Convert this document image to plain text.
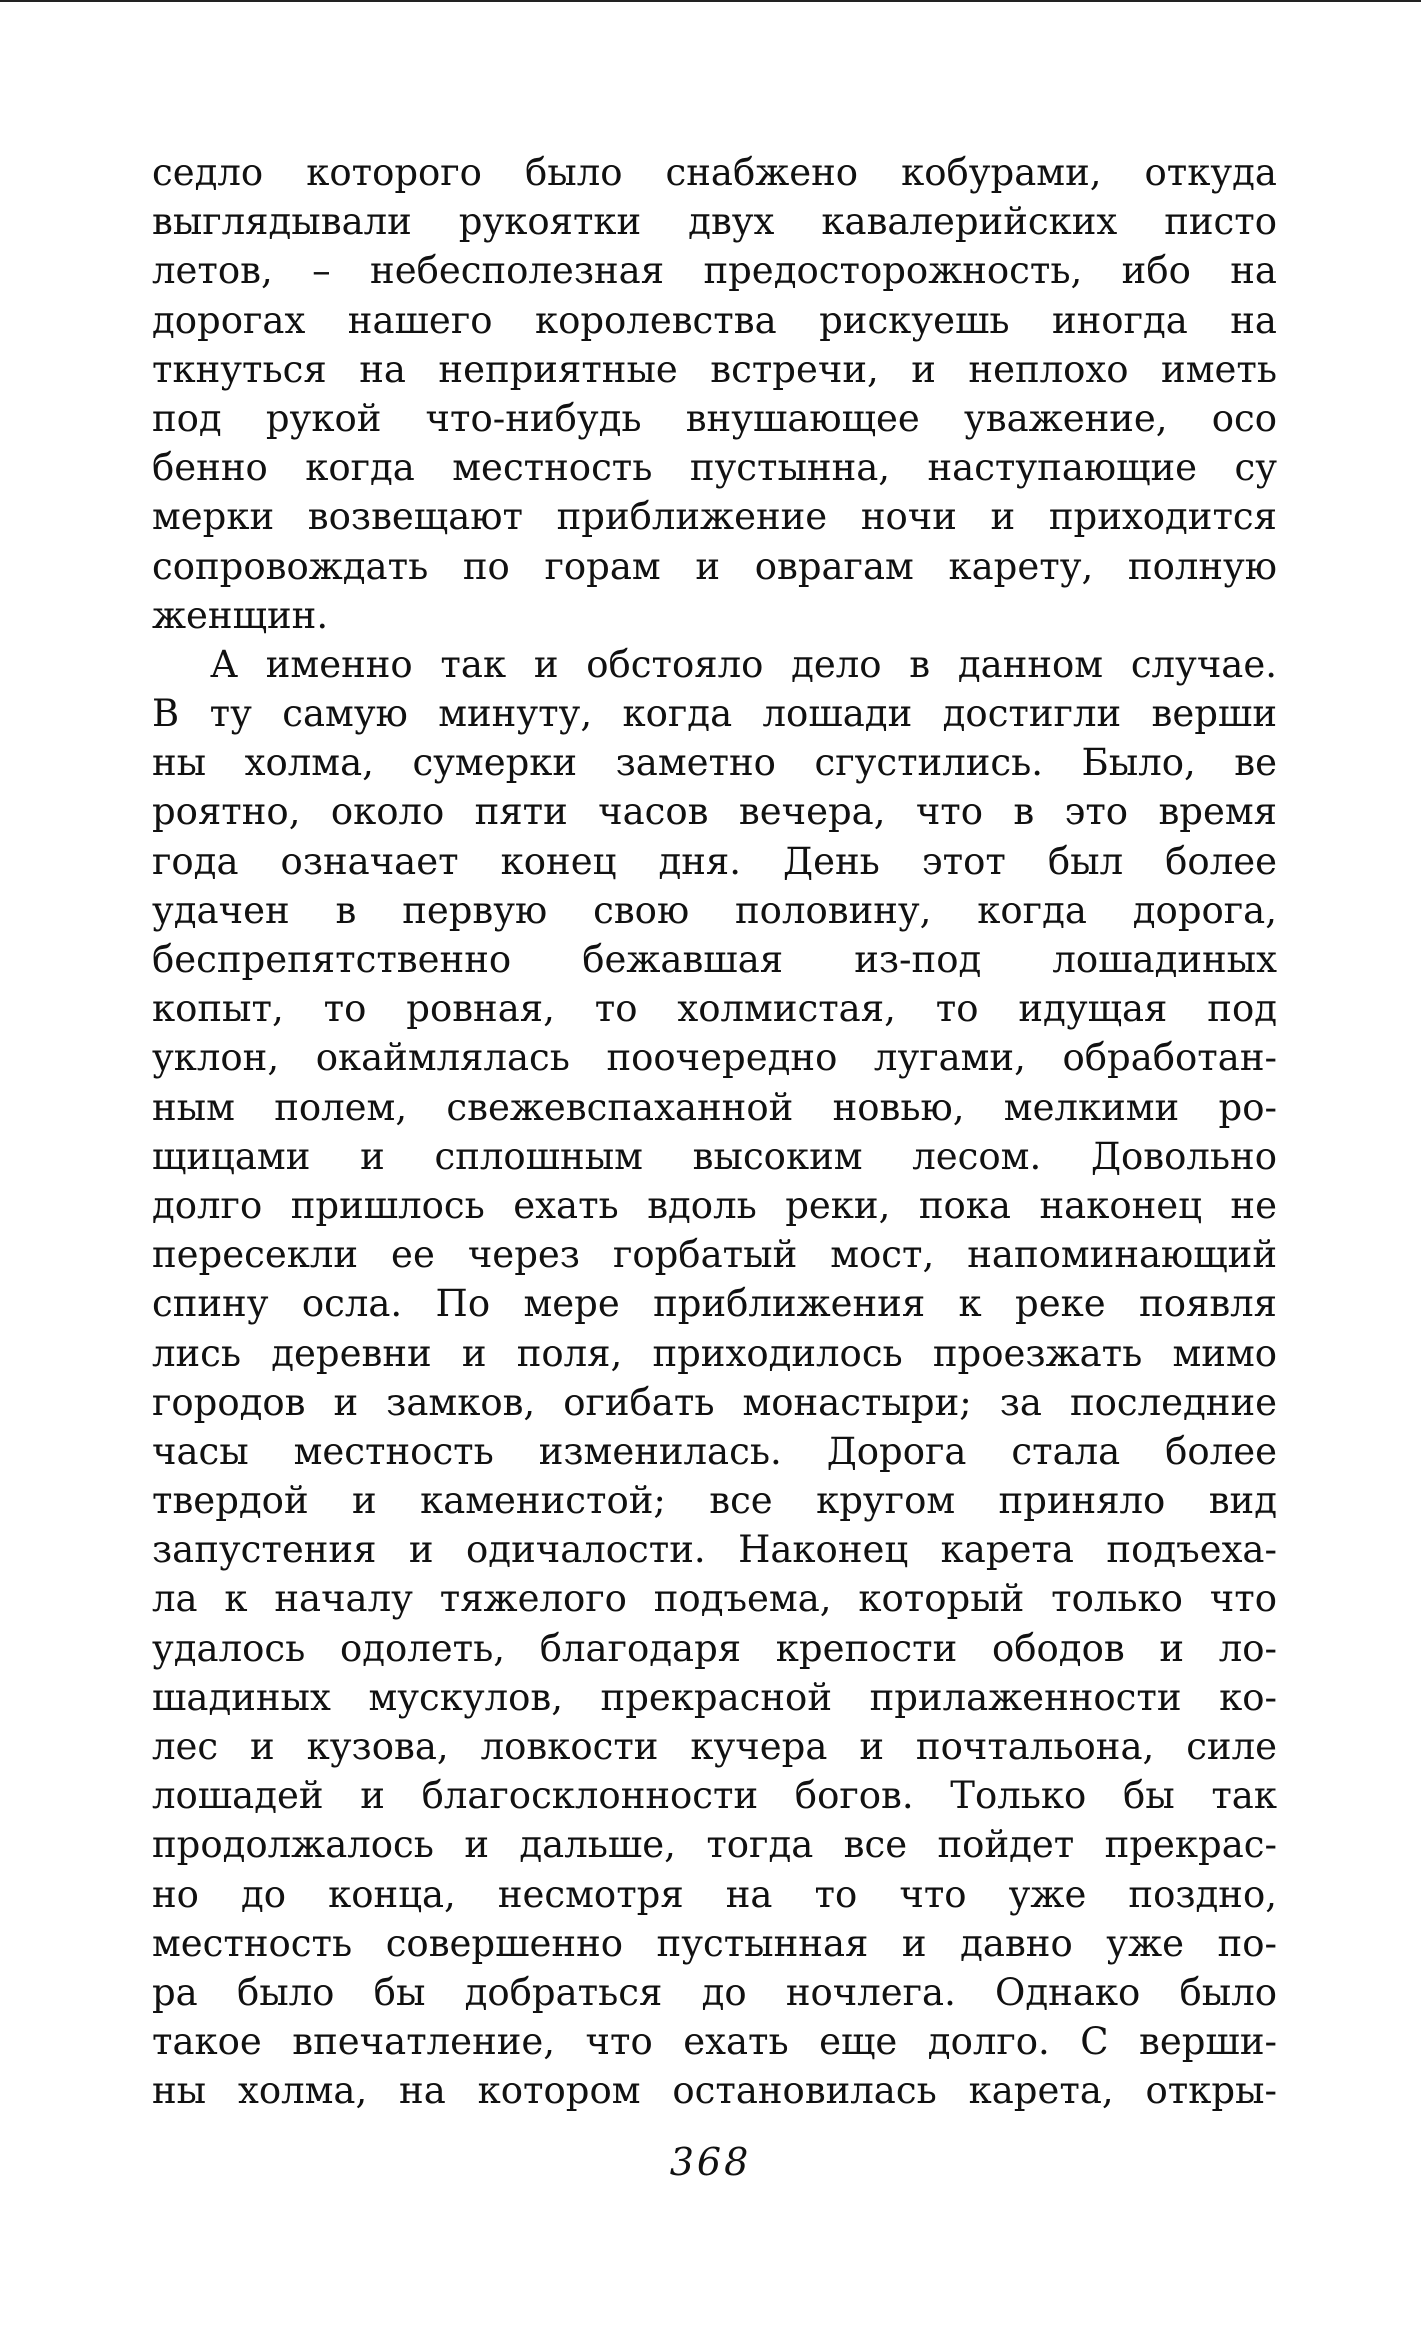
седло которого было снабжено кобурами, откуда
выглядывали рукоятки двух кавалерийских писто
летов, – небесполезная предосторожность, ибо на
дорогах нашего королевства рискуешь иногда на
ткнуться на неприятные встречи, и неплохо иметь
под рукой что-нибудь внушающее уважение, осо
бенно когда местность пустынна, наступающие су
мерки возвещают приближение ночи и приходится
сопровождать по горам и оврагам карету, полную
женщин.
А именно так и обстояло дело в данном случае.
В ту самую минуту, когда лошади достигли верши
ны холма, сумерки заметно сгустились. Было, ве
роятно, около пяти часов вечера, что в это время
года означает конец дня. День этот был более
удачен в первую свою половину, когда дорога,
беспрепятственно бежавшая из-под лошадиных
копыт, то ровная, то холмистая, то идущая под
уклон, окаймлялась поочередно лугами, обработан-
ным полем, свежевспаханной новью, мелкими ро-
щицами и сплошным высоким лесом. Довольно
долго пришлось ехать вдоль реки, пока наконец не
пересекли ее через горбатый мост, напоминающий
спину осла. По мере приближения к реке появля
лись деревни и поля, приходилось проезжать мимо
городов и замков, огибать монастыри; за последние
часы местность изменилась. Дорога стала более
твердой и каменистой; все кругом приняло вид
запустения и одичалости. Наконец карета подъеха-
ла к началу тяжелого подъема, который только что
удалось одолеть, благодаря крепости ободов и ло-
шадиных мускулов, прекрасной прилаженности ко-
лес и кузова, ловкости кучера и почтальона, силе
лошадей и благосклонности богов. Только бы так
продолжалось и дальше, тогда все пойдет прекрас-
но до конца, несмотря на то что уже поздно,
местность совершенно пустынная и давно уже по-
ра было бы добраться до ночлега. Однако было
такое впечатление, что ехать еще долго. С верши-
ны холма, на котором остановилась карета, откры-
368
